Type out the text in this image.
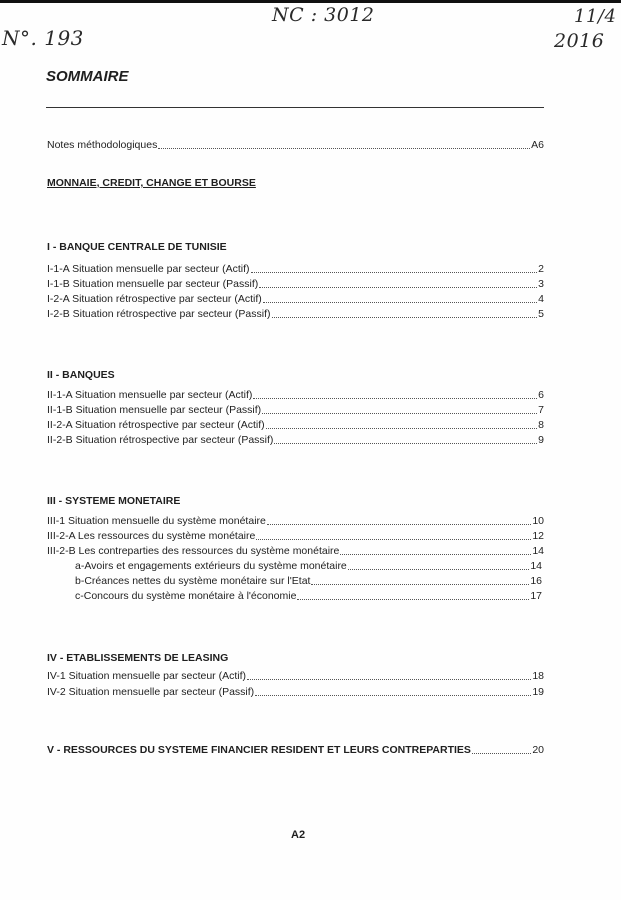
N°. 193
NC : 3012	11/4
2016
SOMMAIRE
Notes méthodologiques	A6
MONNAIE, CREDIT, CHANGE ET BOURSE
I - BANQUE CENTRALE DE TUNISIE
I-1-A Situation mensuelle par secteur (Actif)	2
I-1-B Situation mensuelle par secteur (Passif)	3
I-2-A Situation rétrospective par secteur (Actif)	4
I-2-B Situation rétrospective par secteur (Passif)	5
II - BANQUES
II-1-A Situation mensuelle par secteur (Actif)	6
II-1-B Situation mensuelle par secteur (Passif)	7
II-2-A Situation rétrospective par secteur (Actif)	8
II-2-B Situation rétrospective par secteur (Passif)	9
III - SYSTEME MONETAIRE
III-1 Situation mensuelle du système monétaire	10
III-2-A Les ressources du système monétaire	12
III-2-B Les contreparties des ressources du système monétaire	14
a-Avoirs et engagements extérieurs du système monétaire	14
b-Créances nettes du système monétaire sur l'Etat	16
c-Concours du système monétaire à l'économie	17
IV - ETABLISSEMENTS DE LEASING
IV-1 Situation mensuelle par secteur (Actif)	18
IV-2 Situation mensuelle par secteur (Passif)	19
V - RESSOURCES DU SYSTEME FINANCIER RESIDENT ET LEURS CONTREPARTIES	20
A2
